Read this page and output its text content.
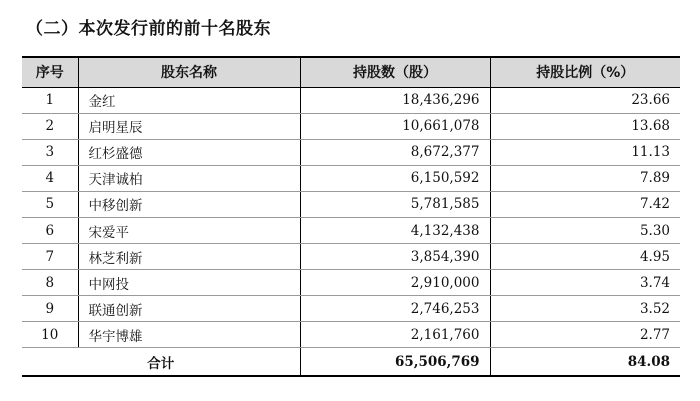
（二）本次发行前的前十名股东
序号	股东名称	持股数（股）	持股比例（%）
1	金红	18,436,296	23.66
2	启明星辰	10,661,078	13.68
3	红杉盛德	8,672,377	11.13
4	天津诚柏	6,150,592	7.89
5	中移创新	5,781,585	7.42
6	宋爱平	4,132,438	5.30
7	林芝利新	3,854,390	4.95
8	中网投	2,910,000	3.74
9	联通创新	2,746,253	3.52
10	华宇博雄	2,161,760	2.77
合计		65,506,769	84.08
